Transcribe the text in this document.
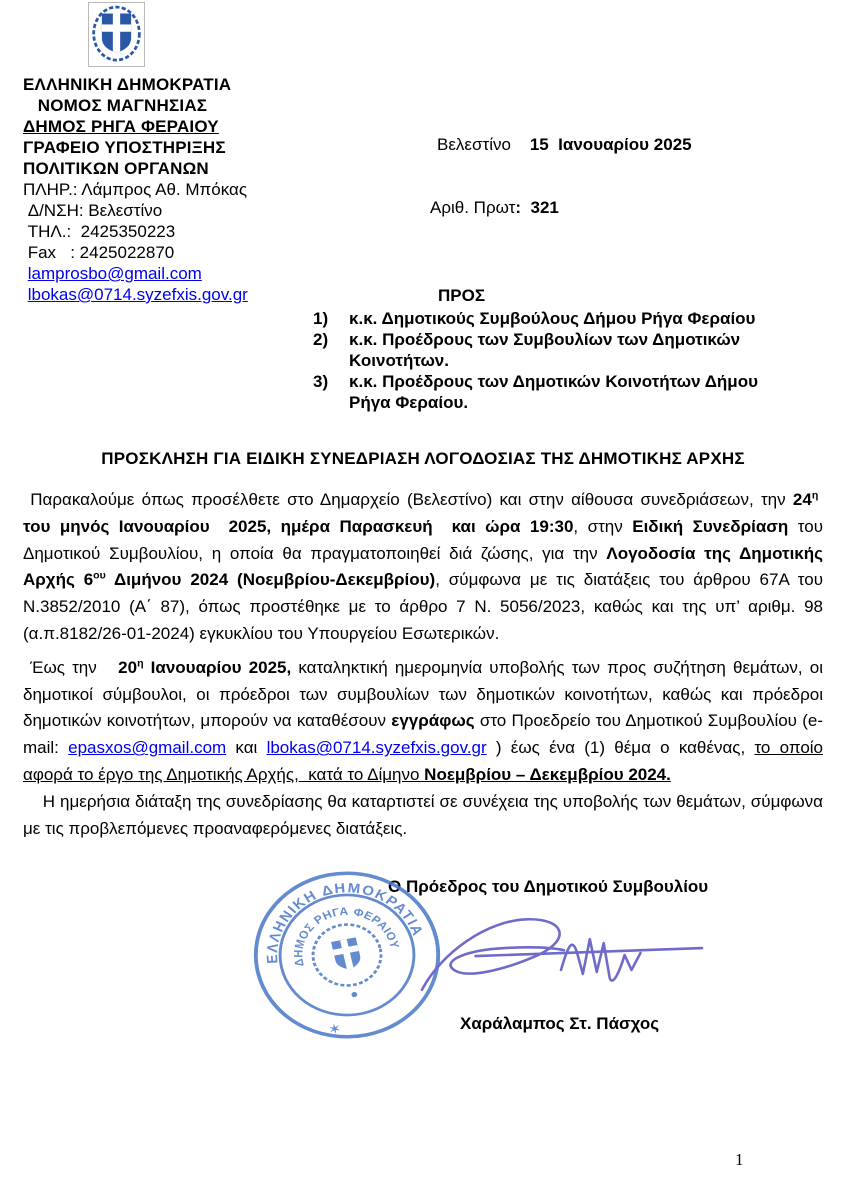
ΕΛΛΗΝΙΚΗ ΔΗΜΟΚΡΑΤΙΑ
ΝΟΜΟΣ ΜΑΓΝΗΣΙΑΣ
ΔΗΜΟΣ ΡΗΓΑ ΦΕΡΑΙΟΥ
ΓΡΑΦΕΙΟ ΥΠΟΣΤΗΡΙΞΗΣ
ΠΟΛΙΤΙΚΩΝ ΟΡΓΑΝΩΝ
ΠΛΗΡ.: Λάμπρος Αθ. Μπόκας
Δ/ΝΣΗ: Βελεστίνο
ΤΗΛ.:  2425350223
Fax   : 2425022870
lamprosbo@gmail.com
lbokas@0714.syzefxis.gov.gr

Βελεστίνο    15  Ιανουαρίου 2025

Αριθ. Πρωτ:  321

ΠΡΟΣ
1)	κ.κ. Δημοτικούς Συμβούλους Δήμου Ρήγα Φεραίου
2)	κ.κ. Προέδρους των Συμβουλίων των Δημοτικών Κοινοτήτων.
3)	κ.κ. Προέδρους των Δημοτικών Κοινοτήτων Δήμου Ρήγα Φεραίου.
ΠΡΟΣΚΛΗΣΗ ΓΙΑ ΕΙΔΙΚΗ ΣΥΝΕΔΡΙΑΣΗ ΛΟΓΟΔΟΣΙΑΣ ΤΗΣ ΔΗΜΟΤΙΚΗΣ ΑΡΧΗΣ

Παρακαλούμε όπως προσέλθετε στο Δημαρχείο (Βελεστίνο) και στην αίθουσα συνεδριάσεων, την $24^\eta$  του μηνός Ιανουαρίου  2025, ημέρα Παρασκευή  και ώρα 19:30, στην Ειδική Συνεδρίαση του Δημοτικού Συμβουλίου, η οποία θα πραγματοποιηθεί διά ζώσης, για την Λογοδοσία της Δημοτικής Αρχής $6^{o\upsilon}$ Διμήνου 2024 (Νοεμβρίου-Δεκεμβρίου), σύμφωνα με τις διατάξεις του άρθρου 67Α του Ν.3852/2010 (Α΄ 87), όπως προστέθηκε με το άρθρο 7 Ν. 5056/2023, καθώς και της υπ’ αριθμ. 98 (α.π.8182/26-01-2024) εγκυκλίου του Υπουργείου Εσωτερικών.

Έως την   $20^\eta$ Ιανουαρίου 2025, καταληκτική ημερομηνία υποβολής των προς συζήτηση θεμάτων, οι δημοτικοί σύμβουλοι, οι πρόεδροι των συμβουλίων των δημοτικών κοινοτήτων, καθώς και πρόεδροι δημοτικών κοινοτήτων, μπορούν να καταθέσουν εγγράφως στο Προεδρείο του Δημοτικού Συμβουλίου (e-mail: epasxos@gmail.com και lbokas@0714.syzefxis.gov.gr ) έως ένα (1) θέμα ο καθένας, το οποίο αφορά το έργο της Δημοτικής Αρχής,  κατά το Δίμηνο Νοεμβρίου – Δεκεμβρίου 2024.

Η ημερήσια διάταξη της συνεδρίασης θα καταρτιστεί σε συνέχεια της υποβολής των θεμάτων, σύμφωνα με τις προβλεπόμενες προαναφερόμενες διατάξεις.

Ο Πρόεδρος του Δημοτικού Συμβουλίου
ΕΛΛΗΝΙΚΗ ΔΗΜΟΚΡΑΤΙΑ
ΔΗΜΟΣ ΡΗΓΑ ΦΕΡΑΙΟΥ
✶	Χαράλαμπος Στ. Πάσχος
1
